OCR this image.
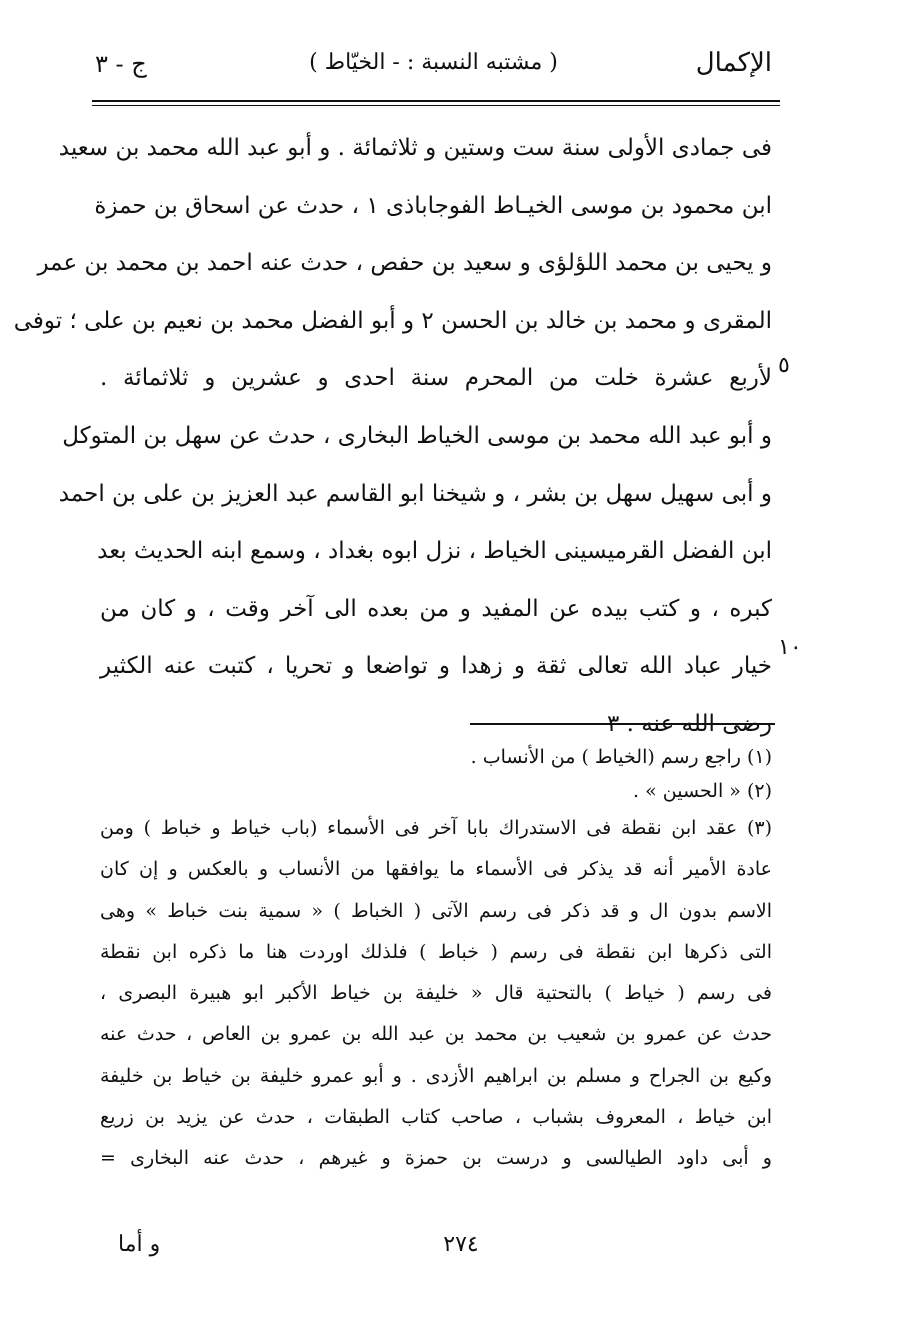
الإكمال
( مشتبه النسبة : - الخيّاط )
ج - ٣
٥
١٠
فى جمادى الأولى سنة ست وستين و ثلاثمائة . و أبو عبد الله محمد بن سعيد
ابن محمود بن موسى الخيـاط الفوجاباذى ١ ، حدث عن اسحاق بن حمزة
و يحيى بن محمد اللؤلؤى و سعيد بن حفص ، حدث عنه احمد بن محمد بن عمر
المقرى و محمد بن خالد بن الحسن ٢ و أبو الفضل محمد بن نعيم بن على ؛ توفى
لأربع عشرة خلت من المحرم سنة احدى و عشرين و ثلاثمائة .
و أبو عبد الله محمد بن موسى الخياط البخارى ، حدث عن سهل بن المتوكل
و أبى سهيل سهل بن بشر ، و شيخنا ابو القاسم عبد العزيز بن على بن احمد
ابن الفضل القرميسينى الخياط ، نزل ابوه بغداد ، وسمع ابنه الحديث بعد
كبره ، و كتب بيده عن المفيد و من بعده الى آخر وقت ، و كان من
خيار عباد الله تعالى ثقة و زهدا و تواضعا و تحريا ، كتبت عنه الكثير
رضى الله عنه . ٣
(١) راجع رسم (الخياط ) من الأنساب .
(٢) « الحسين » .
(٣) عقد ابن نقطة فى الاستدراك بابا آخر فى الأسماء (باب خياط و خباط ) ومن
عادة الأمير أنه قد يذكر فى الأسماء ما يوافقها من الأنساب و بالعكس و إن كان
الاسم بدون ال و قد ذكر فى رسم الآتى ( الخباط ) « سمية بنت خباط » وهى
التى ذكرها ابن نقطة فى رسم ( خباط ) فلذلك اوردت هنا ما ذكره ابن نقطة
فى رسم ( خياط ) بالتحتية قال « خليفة بن خياط الأكبر ابو هبيرة البصرى ،
حدث عن عمرو بن شعيب بن محمد بن عبد الله بن عمرو بن العاص ، حدث عنه
وكيع بن الجراح و مسلم بن ابراهيم الأزدى . و أبو عمرو خليفة بن خياط بن خليفة
ابن خياط ، المعروف بشباب ، صاحب كتاب الطبقات ، حدث عن يزيد بن زريع
و أبى داود الطيالسى و درست بن حمزة و غيرهم ، حدث عنه البخارى =
٢٧٤
و أما
